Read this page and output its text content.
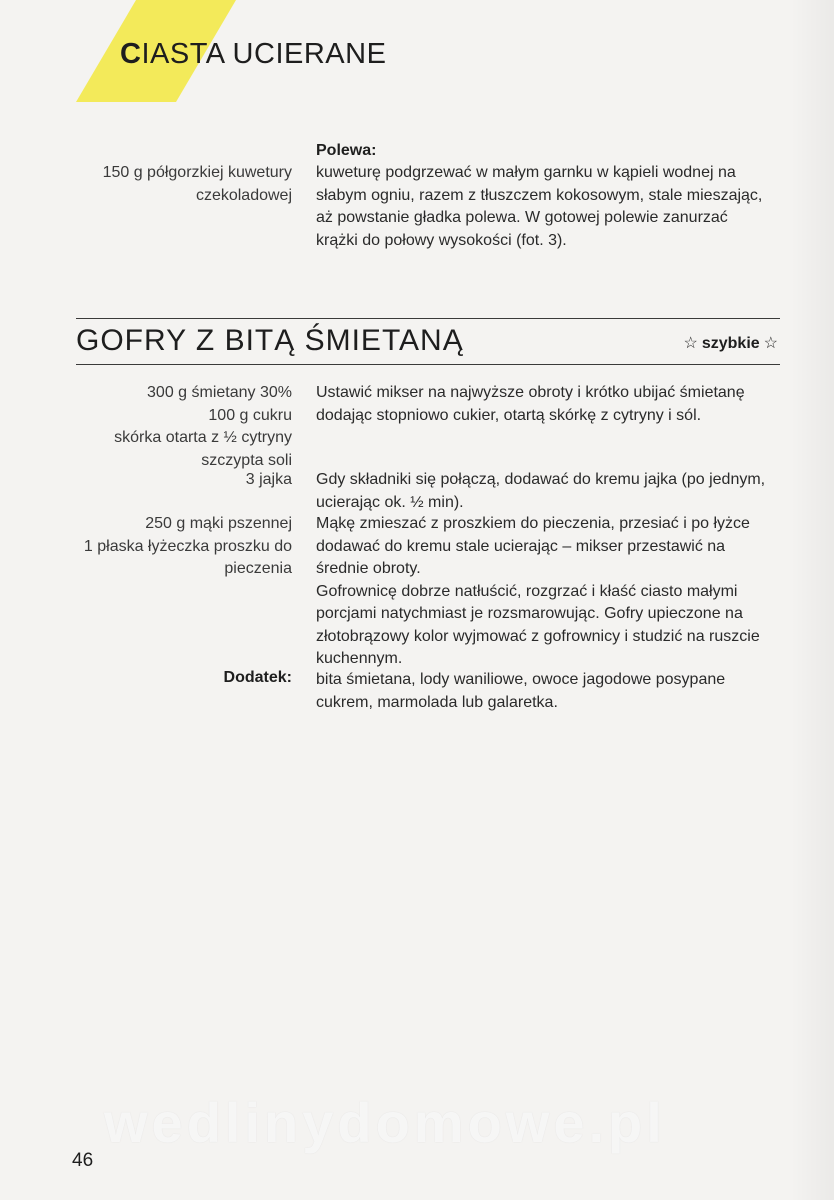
CIASTA UCIERANE
Polewa:
150 g półgorzkiej kuwetury
czekoladowej
kuweturę podgrzewać w małym garnku w kąpieli wodnej na
słabym ogniu, razem z tłuszczem kokosowym, stale mieszając,
aż powstanie gładka polewa. W gotowej polewie zanurzać
krążki do połowy wysokości (fot. 3).
GOFRY Z BITĄ ŚMIETANĄ	☆ szybkie ☆
300 g śmietany 30%
100 g cukru
skórka otarta z ½ cytryny
szczypta soli
Ustawić mikser na najwyższe obroty i krótko ubijać śmietanę
dodając stopniowo cukier, otartą skórkę z cytryny i sól.
3 jajka Gdy składniki się połączą, dodawać do kremu jajka (po jednym,
ucierając ok. ½ min).
250 g mąki pszennej
1 płaska łyżeczka proszku do
pieczenia
Mąkę zmieszać z proszkiem do pieczenia, przesiać i po łyżce
dodawać do kremu stale ucierając – mikser przestawić na
średnie obroty.
Gofrownicę dobrze natłuścić, rozgrzać i kłaść ciasto małymi
porcjami natychmiast je rozsmarowując. Gofry upieczone na
złotobrązowy kolor wyjmować z gofrownicy i studzić na ruszcie
kuchennym.
Dodatek: bita śmietana, lody waniliowe, owoce jagodowe posypane
cukrem, marmolada lub galaretka.
wedlinydomowe.pl
46
